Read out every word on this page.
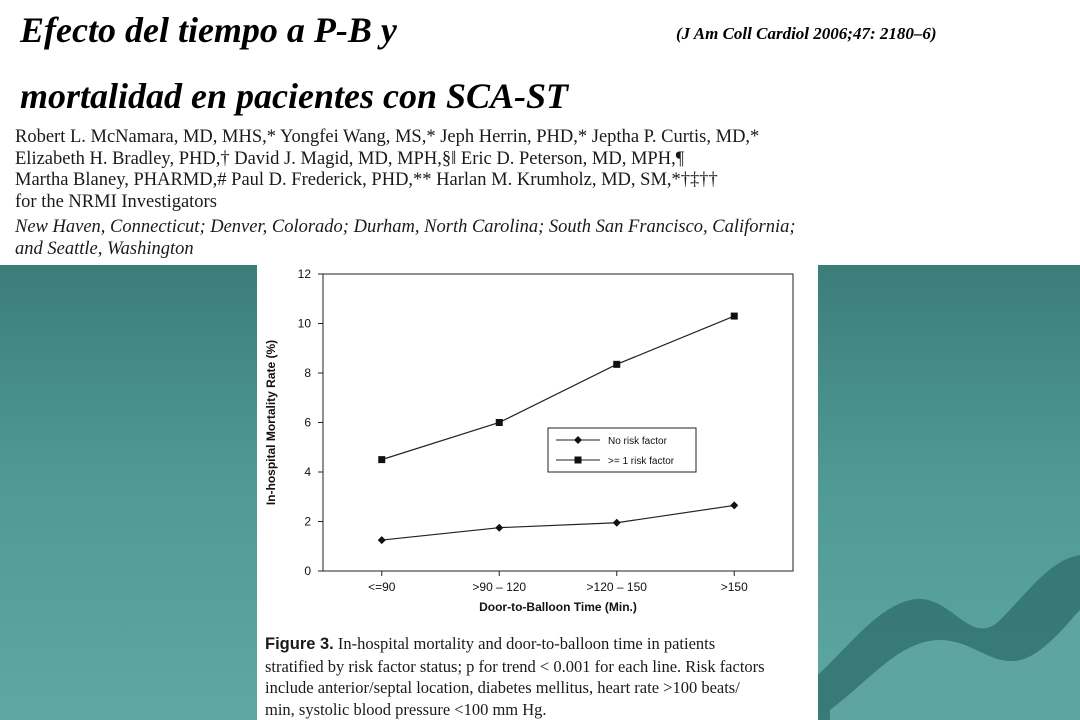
Efecto del tiempo a P-B y
mortalidad en pacientes con SCA-ST
(J Am Coll Cardiol 2006;47: 2180–6)
Robert L. McNamara, MD, MHS,* Yongfei Wang, MS,* Jeph Herrin, PHD,* Jeptha P. Curtis, MD,*
Elizabeth H. Bradley, PHD,† David J. Magid, MD, MPH,§‖ Eric D. Peterson, MD, MPH,¶
Martha Blaney, PHARMD,# Paul D. Frederick, PHD,** Harlan M. Krumholz, MD, SM,*†‡††
for the NRMI Investigators
New Haven, Connecticut; Denver, Colorado; Durham, North Carolina; South San Francisco, California;
and Seattle, Washington
0
2
4
6
8
10
12
<=90	>90 – 120	>120 – 150	>150
Door-to-Balloon Time (Min.)
In-hospital Mortality Rate (%)	No risk factor
>= 1 risk factor
Figure 3. In-hospital mortality and door-to-balloon time in patients
stratified by risk factor status; p for trend < 0.001 for each line. Risk factors
include anterior/septal location, diabetes mellitus, heart rate >100 beats/
min, systolic blood pressure <100 mm Hg.
